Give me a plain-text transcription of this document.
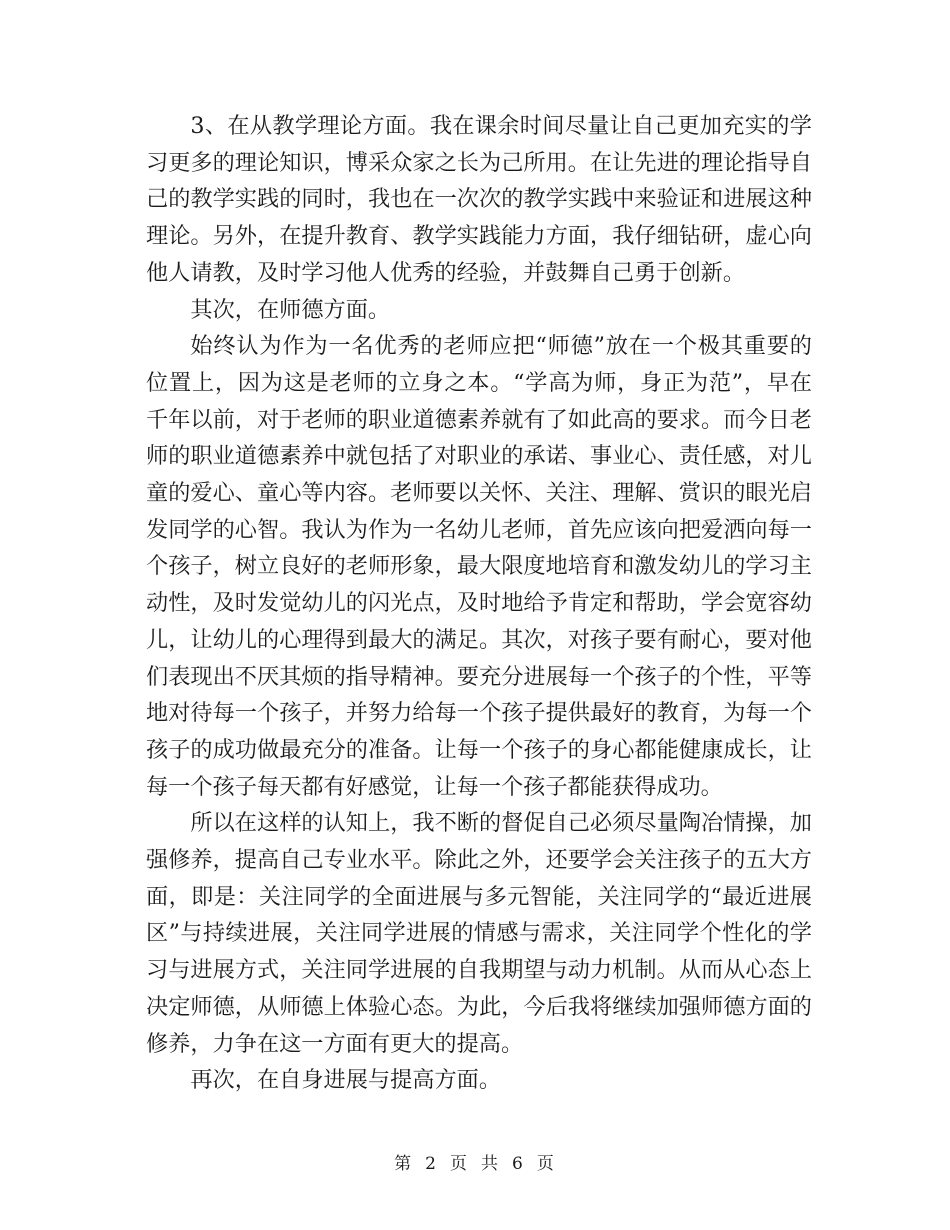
3、在从教学理论方面。我在课余时间尽量让自己更加充实的学习更多的理论知识，博采众家之长为己所用。在让先进的理论指导自己的教学实践的同时，我也在一次次的教学实践中来验证和进展这种理论。另外，在提升教育、教学实践能力方面，我仔细钻研，虚心向他人请教，及时学习他人优秀的经验，并鼓舞自己勇于创新。

其次，在师德方面。

始终认为作为一名优秀的老师应把“师德”放在一个极其重要的位置上，因为这是老师的立身之本。“学高为师，身正为范”，早在千年以前，对于老师的职业道德素养就有了如此高的要求。而今日老师的职业道德素养中就包括了对职业的承诺、事业心、责任感，对儿童的爱心、童心等内容。老师要以关怀、关注、理解、赏识的眼光启发同学的心智。我认为作为一名幼儿老师，首先应该向把爱洒向每一个孩子，树立良好的老师形象，最大限度地培育和激发幼儿的学习主动性，及时发觉幼儿的闪光点，及时地给予肯定和帮助，学会宽容幼儿，让幼儿的心理得到最大的满足。其次，对孩子要有耐心，要对他们表现出不厌其烦的指导精神。要充分进展每一个孩子的个性，平等地对待每一个孩子，并努力给每一个孩子提供最好的教育，为每一个孩子的成功做最充分的准备。让每一个孩子的身心都能健康成长，让每一个孩子每天都有好感觉，让每一个孩子都能获得成功。

所以在这样的认知上，我不断的督促自己必须尽量陶冶情操，加强修养，提高自己专业水平。除此之外，还要学会关注孩子的五大方面，即是：关注同学的全面进展与多元智能，关注同学的“最近进展区”与持续进展，关注同学进展的情感与需求，关注同学个性化的学习与进展方式，关注同学进展的自我期望与动力机制。从而从心态上决定师德，从师德上体验心态。为此，今后我将继续加强师德方面的修养，力争在这一方面有更大的提高。

再次，在自身进展与提高方面。

第 2 页 共 6 页
